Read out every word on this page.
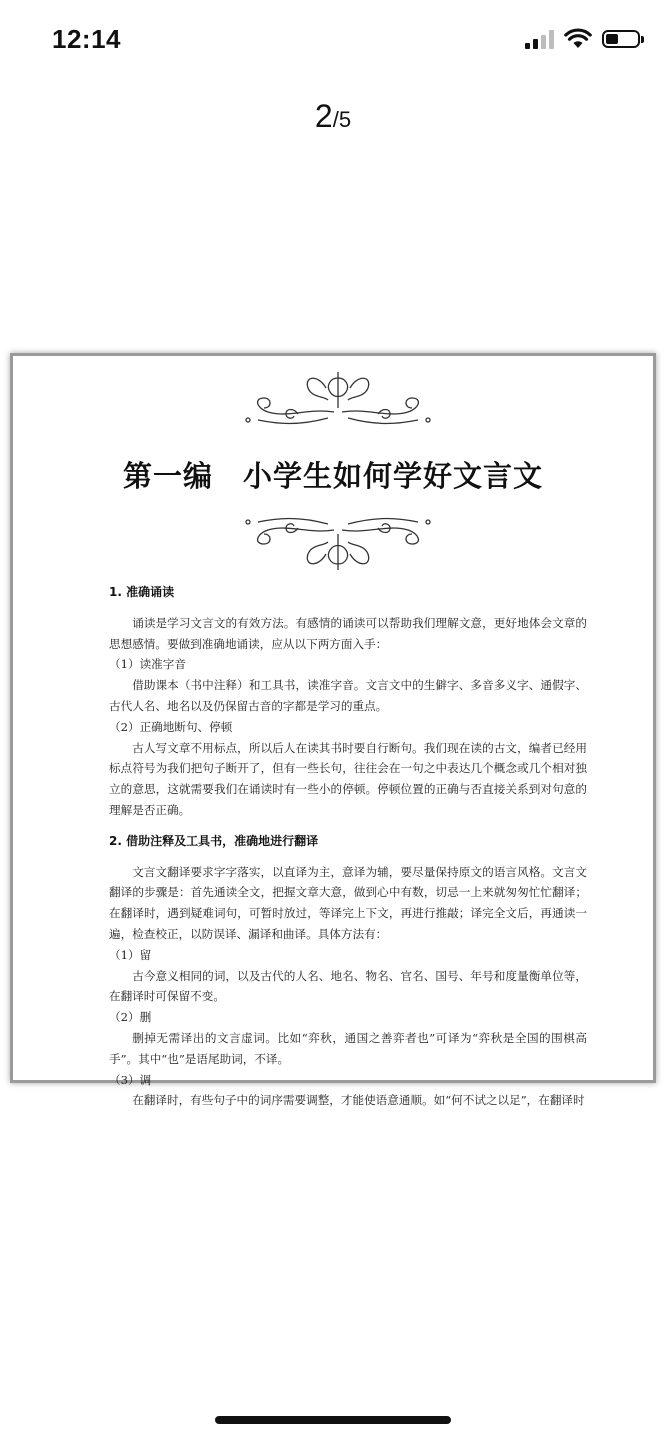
12:14
2/5
第一编　小学生如何学好文言文

1. 准确诵读

诵读是学习文言文的有效方法。有感情的诵读可以帮助我们理解文意，更好地体会文章的思想感情。要做到准确地诵读，应从以下两方面入手：

（1）读准字音

借助课本（书中注释）和工具书，读准字音。文言文中的生僻字、多音多义字、通假字、古代人名、地名以及仍保留古音的字都是学习的重点。

（2）正确地断句、停顿

古人写文章不用标点，所以后人在读其书时要自行断句。我们现在读的古文，编者已经用标点符号为我们把句子断开了，但有一些长句，往往会在一句之中表达几个概念或几个相对独立的意思，这就需要我们在诵读时有一些小的停顿。停顿位置的正确与否直接关系到对句意的理解是否正确。

2. 借助注释及工具书，准确地进行翻译

文言文翻译要求字字落实，以直译为主，意译为辅，要尽量保持原文的语言风格。文言文翻译的步骤是：首先通读全文，把握文章大意，做到心中有数，切忌一上来就匆匆忙忙翻译；在翻译时，遇到疑难词句，可暂时放过，等译完上下文，再进行推敲；译完全文后，再通读一遍，检查校正，以防误译、漏译和曲译。具体方法有：

（1）留

古今意义相同的词，以及古代的人名、地名、物名、官名、国号、年号和度量衡单位等，在翻译时可保留不变。

（2）删

删掉无需译出的文言虚词。比如“弈秋，通国之善弈者也”可译为“弈秋是全国的围棋高手”。其中“也”是语尾助词，不译。

（3）调

在翻译时，有些句子中的词序需要调整，才能使语意通顺。如“何不试之以足”，在翻译时
